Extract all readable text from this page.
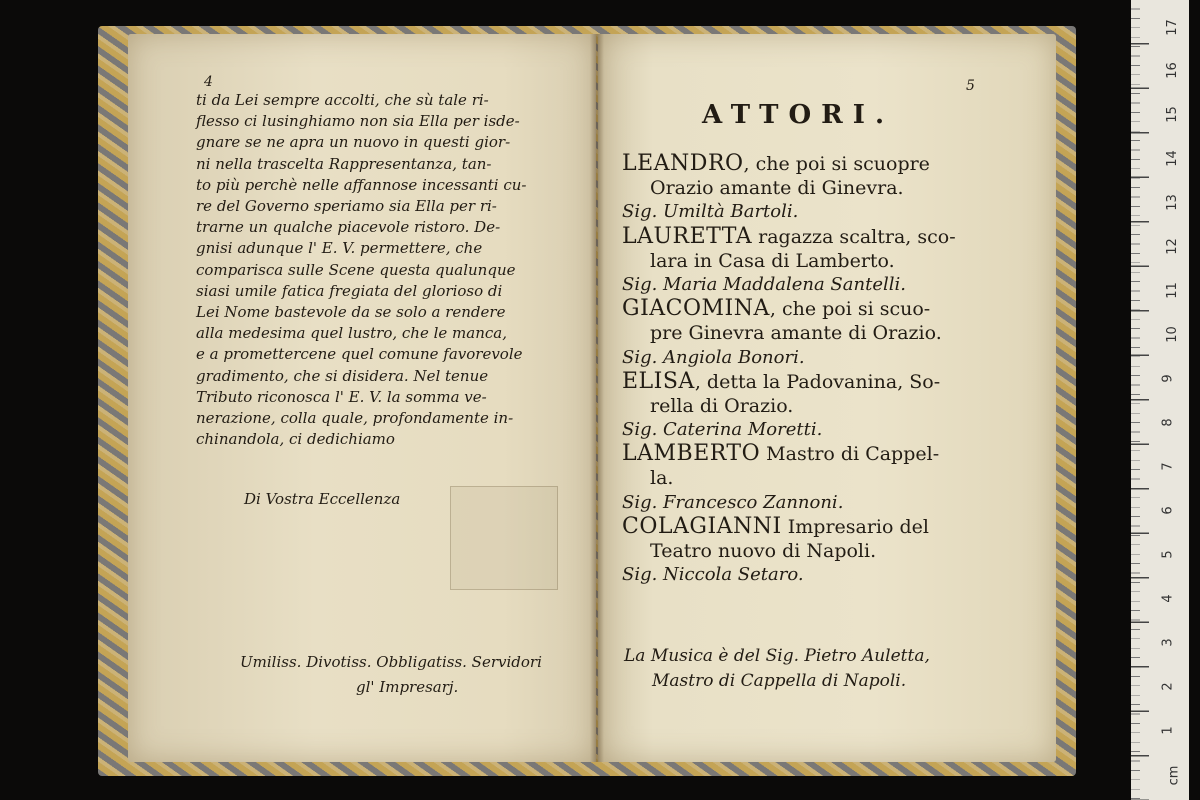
4
ti da Lei sempre accolti, che sù tale ri-
flesso ci lusinghiamo non sia Ella per isde-
gnare se ne apra un nuovo in questi gior-
ni nella trascelta Rappresentanza, tan-
to più perchè nelle affannose incessanti cu-
re del Governo speriamo sia Ella per ri-
trarne un qualche piacevole ristoro. De-
gnisi adunque l' E. V. permettere, che
comparisca sulle Scene questa qualunque
siasi umile fatica fregiata del glorioso di
Lei Nome bastevole da se solo a rendere
alla medesima quel lustro, che le manca,
e a promettercene quel comune favorevole
gradimento, che si disidera. Nel tenue
Tributo riconosca l' E. V. la somma ve-
nerazione, colla quale, profondamente in-
chinandola, ci dedichiamo
Di Vostra Eccellenza
Umiliss. Divotiss. Obbligatiss. Servidori
gl' Impresarj.
5
ATTORI.
LEANDRO, che poi si scuopre
Orazio amante di Ginevra.
Sig. Umiltà Bartoli.
LAURETTA ragazza scaltra, sco-
lara in Casa di Lamberto.
Sig. Maria Maddalena Santelli.
GIACOMINA, che poi si scuo-
pre Ginevra amante di Orazio.
Sig. Angiola Bonori.
ELISA, detta la Padovanina, So-
rella di Orazio.
Sig. Caterina Moretti.
LAMBERTO Mastro di Cappel-
la.
Sig. Francesco Zannoni.
COLAGIANNI Impresario del
Teatro nuovo di Napoli.
Sig. Niccola Setaro.
La Musica è del Sig. Pietro Auletta,
Mastro di Cappella di Napoli.
17
16
15
14
13
12
11
10
9
8
7
6
5
4
3
2
1
cm
